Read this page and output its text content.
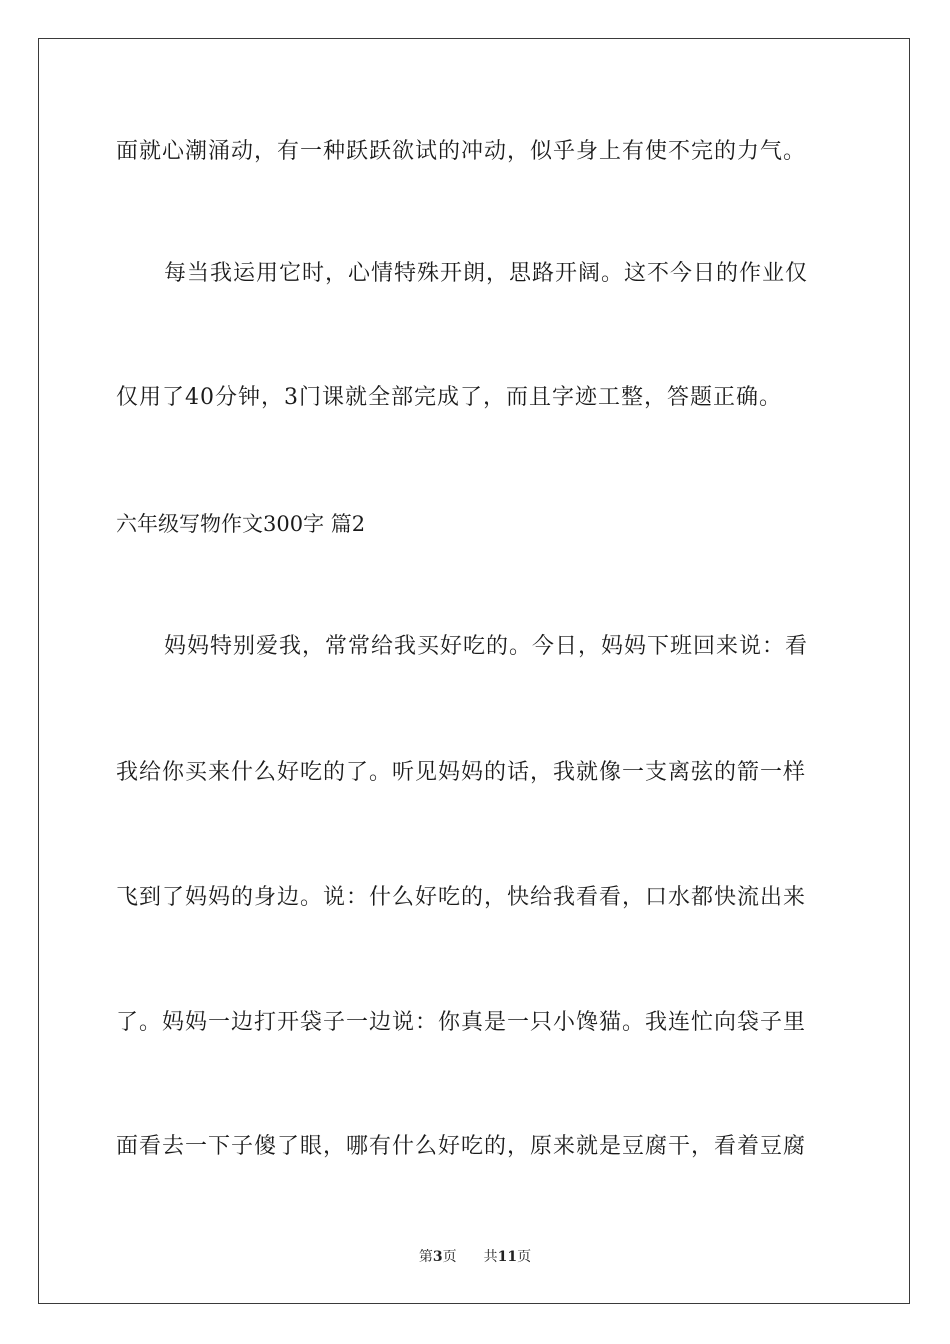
面就心潮涌动，有一种跃跃欲试的冲动，似乎身上有使不完的力气。
每当我运用它时，心情特殊开朗，思路开阔。这不今日的作业仅
仅用了40分钟，3门课就全部完成了，而且字迹工整，答题正确。
六年级写物作文300字 篇2
妈妈特别爱我，常常给我买好吃的。今日，妈妈下班回来说：看
我给你买来什么好吃的了。听见妈妈的话，我就像一支离弦的箭一样
飞到了妈妈的身边。说：什么好吃的，快给我看看，口水都快流出来
了。妈妈一边打开袋子一边说：你真是一只小馋猫。我连忙向袋子里
面看去一下子傻了眼，哪有什么好吃的，原来就是豆腐干，看着豆腐
第3页 共11页
